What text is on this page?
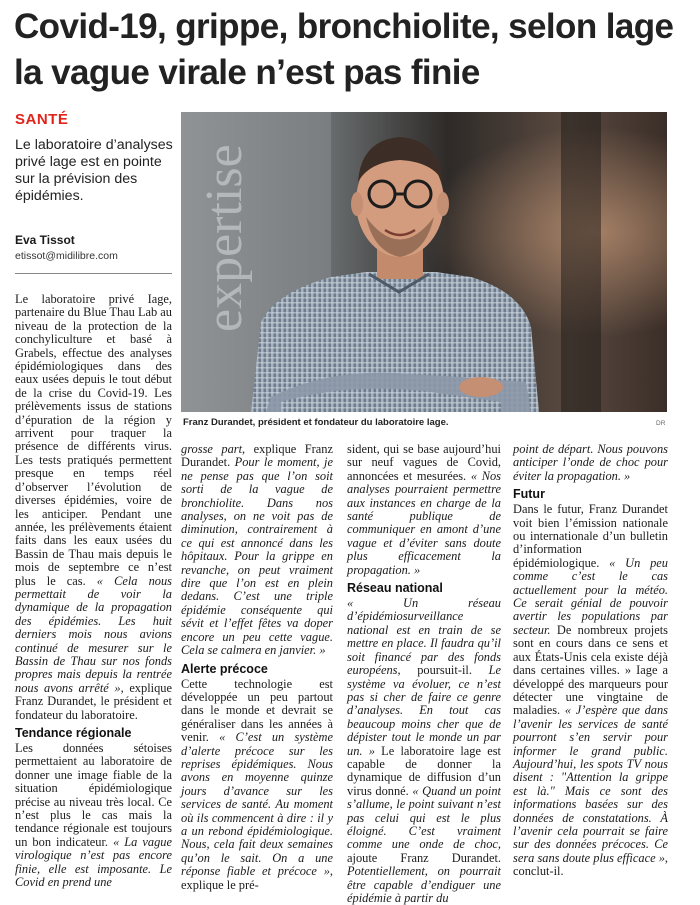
Covid-19, grippe, bronchiolite, selon lage la vague virale n’est pas finie
SANTÉ
Le laboratoire d’analyses privé lage est en pointe sur la prévision des épidémies.
Eva Tissot
etissot@midilibre.com expertise
Franz Durandet, président et fondateur du laboratoire lage.	DR

Le laboratoire privé Iage, partenaire du Blue Thau Lab au niveau de la protection de la conchyliculture et basé à Grabels, effectue des analyses épidémiologiques dans des eaux usées depuis le tout début de la crise du Covid-19. Les prélèvements issus de stations d’épuration de la région y arrivent pour traquer la présence de différents virus. Les tests pratiqués permettent presque en temps réel d’observer l’évolution de diverses épidémies, voire de les anticiper. Pendant une année, les prélèvements étaient faits dans les eaux usées du Bassin de Thau mais depuis le mois de septembre ce n’est plus le cas. « Cela nous permettait de voir la dynamique de la propagation des épidémies. Les huit derniers mois nous avions continué de mesurer sur le Bassin de Thau sur nos fonds propres mais depuis la rentrée nous avons arrêté », explique Franz Durandet, le président et fondateur du laboratoire.

Tendance régionale

Les données sétoises permettaient au laboratoire de donner une image fiable de la situation épidémiologique précise au niveau très local. Ce n’est plus le cas mais la tendance régionale est toujours un bon indicateur. « La vague virologique n’est pas encore finie, elle est imposante. Le Covid en prend une

grosse part, explique Franz Durandet. Pour le moment, je ne pense pas que l’on soit sorti de la vague de bronchiolite. Dans nos analyses, on ne voit pas de diminution, contrairement à ce qui est annoncé dans les hôpitaux. Pour la grippe en revanche, on peut vraiment dire que l’on est en plein dedans. C’est une triple épidémie conséquente qui sévit et l’effet fêtes va doper encore un peu cette vague. Cela se calmera en janvier. »

Alerte précoce

Cette technologie est développée un peu partout dans le monde et devrait se généraliser dans les années à venir. « C’est un système d’alerte précoce sur les reprises épidémiques. Nous avons en moyenne quinze jours d’avance sur les services de santé. Au moment où ils commencent à dire : il y a un rebond épidémiologique. Nous, cela fait deux semaines qu’on le sait. On a une réponse fiable et précoce », explique le pré-

sident, qui se base aujourd’hui sur neuf vagues de Covid, annoncées et mesurées. « Nos analyses pourraient permettre aux instances en charge de la santé publique de communiquer en amont d’une vague et d’éviter sans doute plus efficacement la propagation. »

Réseau national

« Un réseau d’épidémiosurveillance national est en train de se mettre en place. Il faudra qu’il soit financé par des fonds européens, poursuit-il. Le système va évoluer, ce n’est pas si cher de faire ce genre d’analyses. En tout cas beaucoup moins cher que de dépister tout le monde un par un. » Le laboratoire lage est capable de donner la dynamique de diffusion d’un virus donné. « Quand un point s’allume, le point suivant n’est pas celui qui est le plus éloigné. C’est vraiment comme une onde de choc, ajoute Franz Durandet. Potentiellement, on pourrait être capable d’endiguer une épidémie à partir du

point de départ. Nous pouvons anticiper l’onde de choc pour éviter la propagation. »

Futur

Dans le futur, Franz Durandet voit bien l’émission nationale ou internationale d’un bulletin d’information épidémiologique. « Un peu comme c’est le cas actuellement pour la météo. Ce serait génial de pouvoir avertir les populations par secteur. De nombreux projets sont en cours dans ce sens et aux États-Unis cela existe déjà dans certaines villes. » Iage a développé des marqueurs pour détecter une vingtaine de maladies. « J’espère que dans l’avenir les services de santé pourront s’en servir pour informer le grand public. Aujourd’hui, les spots TV nous disent : "Attention la grippe est là." Mais ce sont des informations basées sur des données de constatations. À l’avenir cela pourrait se faire sur des données précoces. Ce sera sans doute plus efficace », conclut-il.
